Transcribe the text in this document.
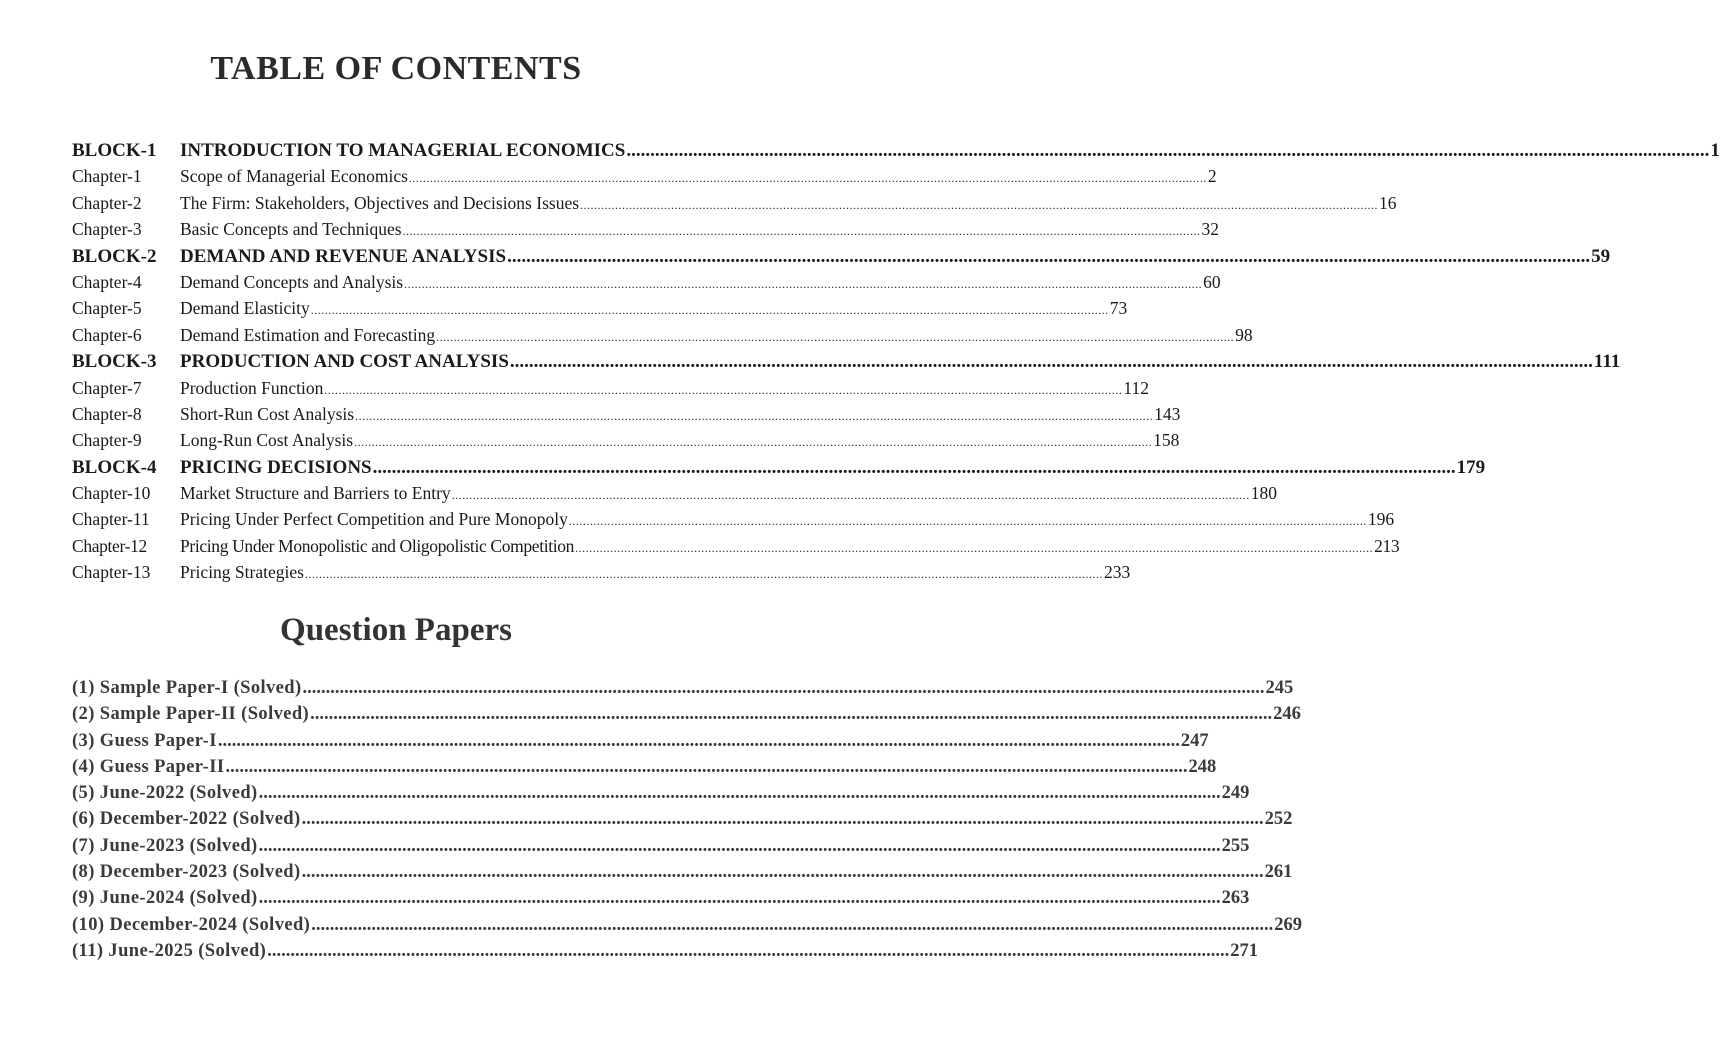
TABLE OF CONTENTS
BLOCK-1	INTRODUCTION TO MANAGERIAL ECONOMICS .....	1
Chapter-1	Scope of Managerial Economics .....	2
Chapter-2	The Firm: Stakeholders, Objectives and Decisions Issues .....	16
Chapter-3	Basic Concepts and Techniques .....	32
BLOCK-2	DEMAND AND REVENUE ANALYSIS .....	59
Chapter-4	Demand Concepts and Analysis .....	60
Chapter-5	Demand Elasticity .....	73
Chapter-6	Demand Estimation and Forecasting .....	98
BLOCK-3	PRODUCTION AND COST ANALYSIS .....	111
Chapter-7	Production Function .....	112
Chapter-8	Short-Run Cost Analysis .....	143
Chapter-9	Long-Run Cost Analysis .....	158
BLOCK-4	PRICING DECISIONS .....	179
Chapter-10	Market Structure and Barriers to Entry .....	180
Chapter-11	Pricing Under Perfect Competition and Pure Monopoly .....	196
Chapter-12	Pricing Under Monopolistic and Oligopolistic Competition .....	213
Chapter-13	Pricing Strategies .....	233
Question Papers
(1) Sample Paper-I (Solved) .....	245
(2) Sample Paper-II (Solved) .....	246
(3) Guess Paper-I .....	247
(4) Guess Paper-II .....	248
(5) June-2022 (Solved) .....	249
(6) December-2022 (Solved) .....	252
(7) June-2023 (Solved) .....	255
(8) December-2023 (Solved) .....	261
(9) June-2024 (Solved) .....	263
(10) December-2024 (Solved) .....	269
(11) June-2025 (Solved) .....	271
